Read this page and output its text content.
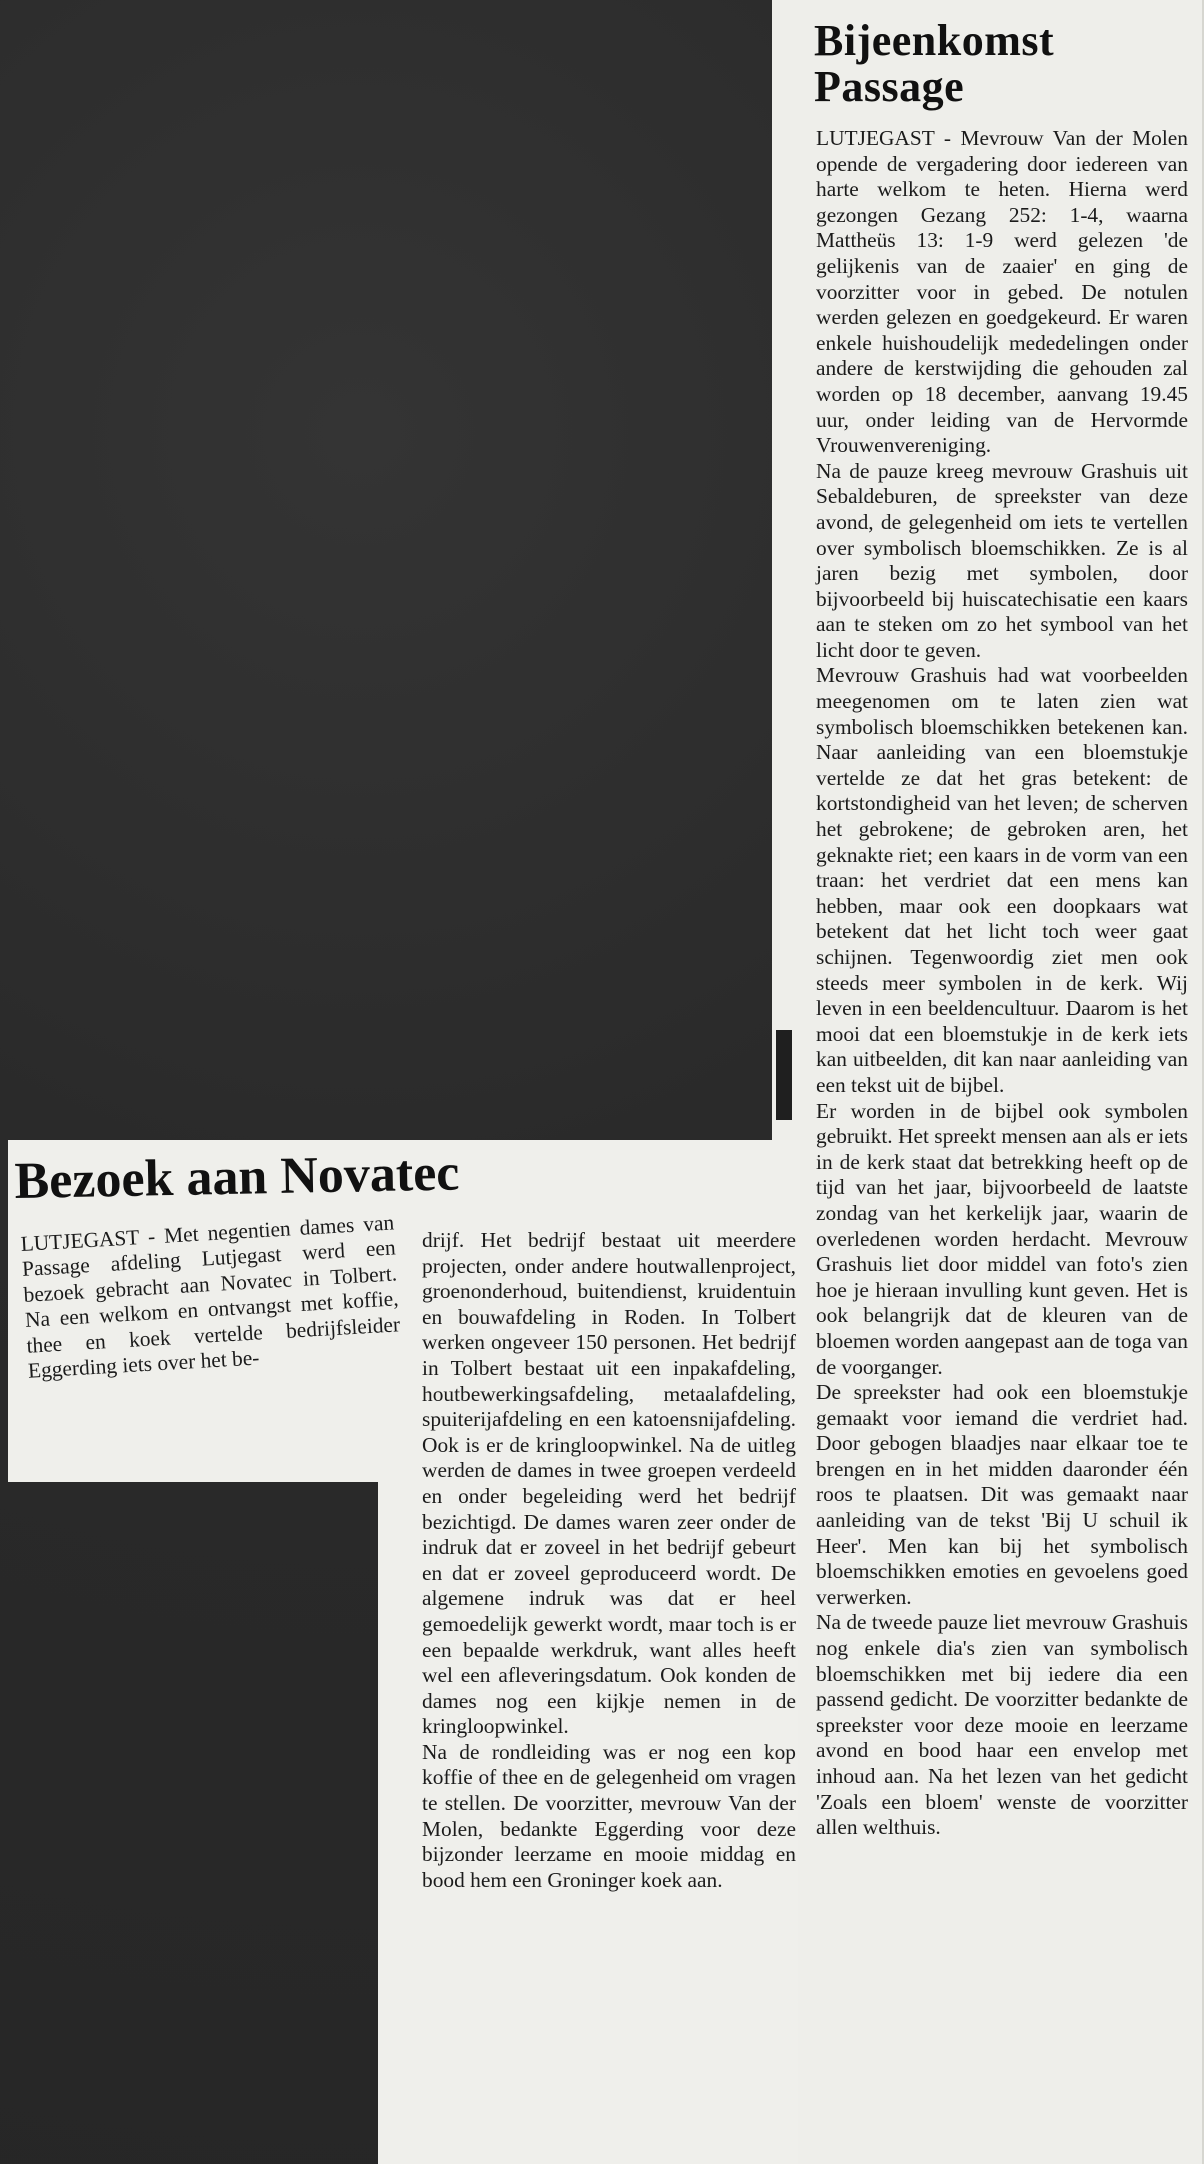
Bijeenkomst Passage

LUTJEGAST - Mevrouw Van der Molen opende de vergadering door iedereen van harte welkom te heten. Hierna werd gezongen Gezang 252: 1-4, waarna Mattheüs 13: 1-9 werd gelezen 'de gelijkenis van de zaaier' en ging de voorzitter voor in gebed. De notulen werden gelezen en goedgekeurd. Er waren enkele huishoudelijk mededelingen onder andere de kerstwijding die gehouden zal worden op 18 december, aanvang 19.45 uur, onder leiding van de Hervormde Vrouwenvereniging.

Na de pauze kreeg mevrouw Grashuis uit Sebaldeburen, de spreekster van deze avond, de gelegenheid om iets te vertellen over symbolisch bloemschikken. Ze is al jaren bezig met symbolen, door bijvoorbeeld bij huiscatechisatie een kaars aan te steken om zo het symbool van het licht door te geven.

Mevrouw Grashuis had wat voorbeelden meegenomen om te laten zien wat symbolisch bloemschikken betekenen kan. Naar aanleiding van een bloemstukje vertelde ze dat het gras betekent: de kortstondigheid van het leven; de scherven het gebrokene; de gebroken aren, het geknakte riet; een kaars in de vorm van een traan: het verdriet dat een mens kan hebben, maar ook een doopkaars wat betekent dat het licht toch weer gaat schijnen. Tegenwoordig ziet men ook steeds meer symbolen in de kerk. Wij leven in een beeldencultuur. Daarom is het mooi dat een bloemstukje in de kerk iets kan uitbeelden, dit kan naar aanleiding van een tekst uit de bijbel.

Er worden in de bijbel ook symbolen gebruikt. Het spreekt mensen aan als er iets in de kerk staat dat betrekking heeft op de tijd van het jaar, bijvoorbeeld de laatste zondag van het kerkelijk jaar, waarin de overledenen worden herdacht. Mevrouw Grashuis liet door middel van foto's zien hoe je hieraan invulling kunt geven. Het is ook belangrijk dat de kleuren van de bloemen worden aangepast aan de toga van de voorganger.

De spreekster had ook een bloemstukje gemaakt voor iemand die verdriet had. Door gebogen blaadjes naar elkaar toe te brengen en in het midden daaronder één roos te plaatsen. Dit was gemaakt naar aanleiding van de tekst 'Bij U schuil ik Heer'. Men kan bij het symbolisch bloemschikken emoties en gevoelens goed verwerken.

Na de tweede pauze liet mevrouw Grashuis nog enkele dia's zien van symbolisch bloemschikken met bij iedere dia een passend gedicht. De voorzitter bedankte de spreekster voor deze mooie en leerzame avond en bood haar een envelop met inhoud aan. Na het lezen van het gedicht 'Zoals een bloem' wenste de voorzitter allen welthuis.

Bezoek aan Novatec

LUTJEGAST - Met negentien dames van Passage afdeling Lutjegast werd een bezoek gebracht aan Novatec in Tolbert. Na een welkom en ontvangst met koffie, thee en koek vertelde bedrijfsleider Eggerding iets over het be-

drijf. Het bedrijf bestaat uit meerdere projecten, onder andere houtwallenproject, groenonderhoud, buitendienst, kruidentuin en bouwafdeling in Roden. In Tolbert werken ongeveer 150 personen. Het bedrijf in Tolbert bestaat uit een inpakafdeling, houtbewerkingsafdeling, metaalafdeling, spuiterijafdeling en een katoensnijafdeling. Ook is er de kringloopwinkel. Na de uitleg werden de dames in twee groepen verdeeld en onder begeleiding werd het bedrijf bezichtigd. De dames waren zeer onder de indruk dat er zoveel in het bedrijf gebeurt en dat er zoveel geproduceerd wordt. De algemene indruk was dat er heel gemoedelijk gewerkt wordt, maar toch is er een bepaalde werkdruk, want alles heeft wel een afleveringsdatum. Ook konden de dames nog een kijkje nemen in de kringloopwinkel.

Na de rondleiding was er nog een kop koffie of thee en de gelegenheid om vragen te stellen. De voorzitter, mevrouw Van der Molen, bedankte Eggerding voor deze bijzonder leerzame en mooie middag en bood hem een Groninger koek aan.
